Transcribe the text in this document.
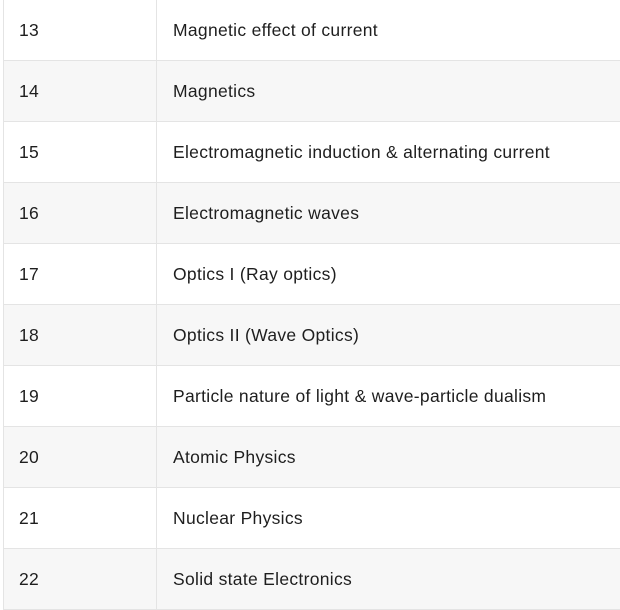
13	Magnetic effect of current
14	Magnetics
15	Electromagnetic induction & alternating current
16	Electromagnetic waves
17	Optics I (Ray optics)
18	Optics II (Wave Optics)
19	Particle nature of light & wave-particle dualism
20	Atomic Physics
21	Nuclear Physics
22	Solid state Electronics
